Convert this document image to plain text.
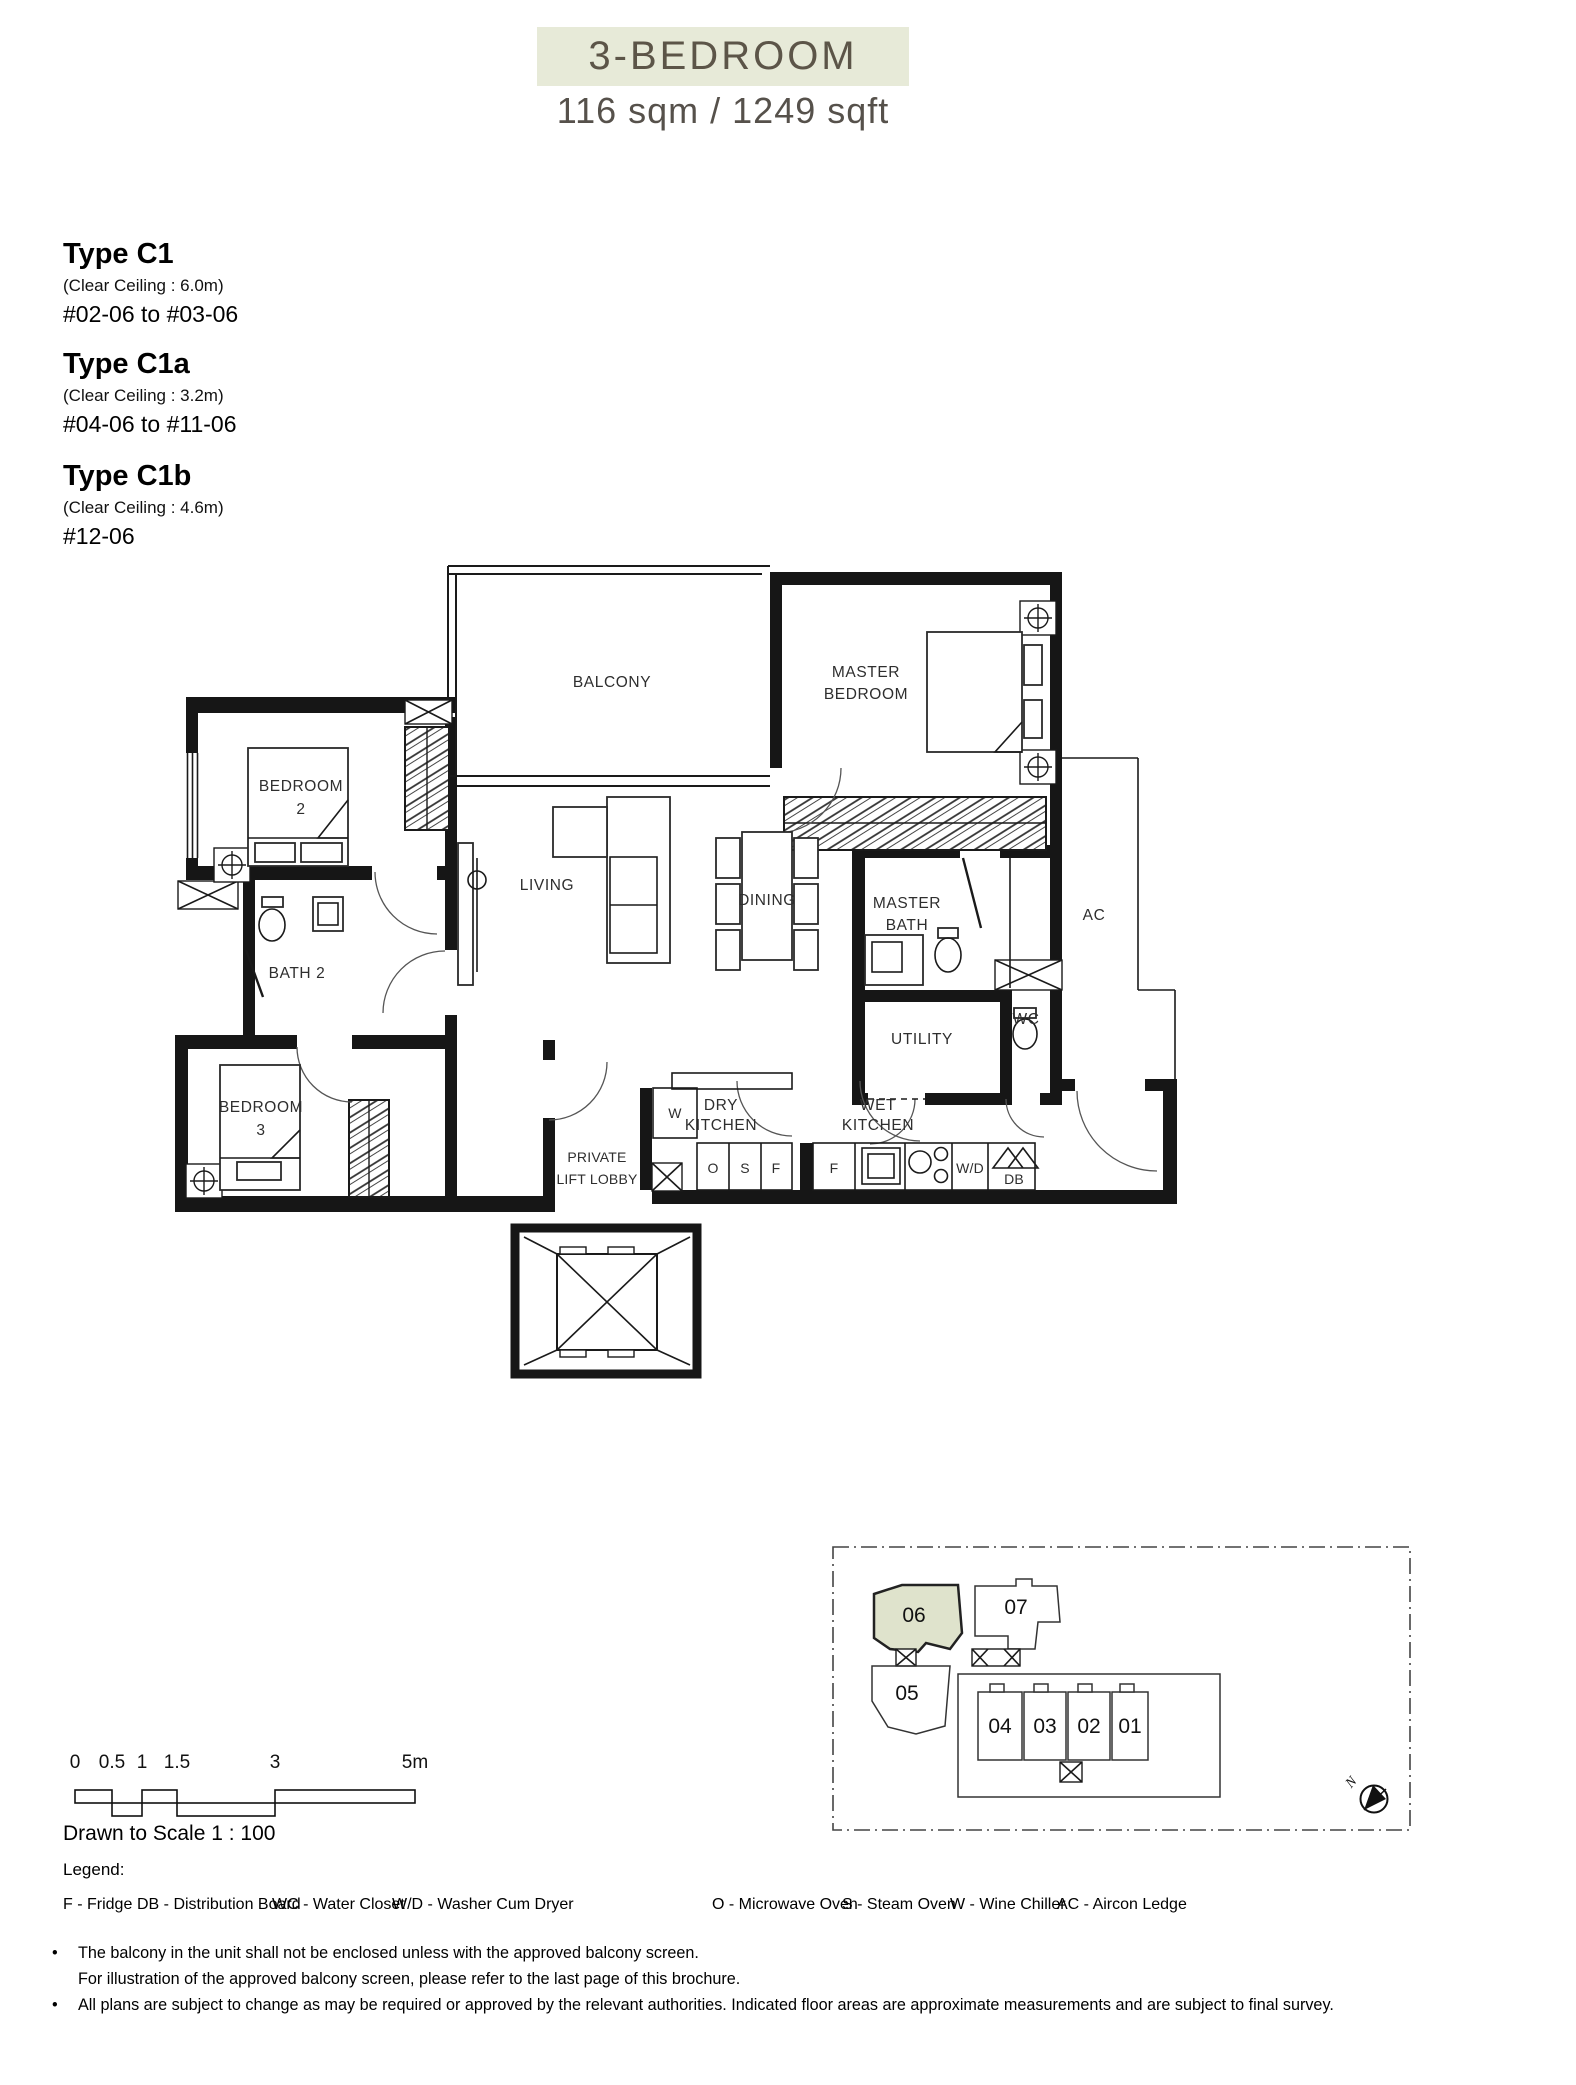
3-BEDROOM
116 sqm / 1249 sqft
Type C1
(Clear Ceiling : 6.0m)
#02-06 to #03-06
Type C1a
(Clear Ceiling : 3.2m)
#04-06 to #11-06
Type C1b
(Clear Ceiling : 4.6m)
#12-06
BALCONY
MASTER
BEDROOM
BEDROOM
2
BATH 2
LIVING
DINING	MASTER
BATH
AC
WC
UTILITY
BEDROOM
3
DRY
KITCHEN
WET
KITCHEN
PRIVATE
LIFT LOBBY
W
O S F	F	W/D
DB
06	07
05
04 03 02 01
N
0 0.5 1 1.5	3	5m
Drawn to Scale 1 : 100
Legend:
F - Fridge DB - Distribution Board
WC - Water Closet
W/D - Washer Cum Dryer	O - Microwave Oven
S - Steam Oven
W - Wine Chiller
AC - Aircon Ledge
• The balcony in the unit shall not be enclosed unless with the approved balcony screen.
For illustration of the approved balcony screen, please refer to the last page of this brochure.
• All plans are subject to change as may be required or approved by the relevant authorities. Indicated floor areas are approximate measurements and are subject to final survey.
